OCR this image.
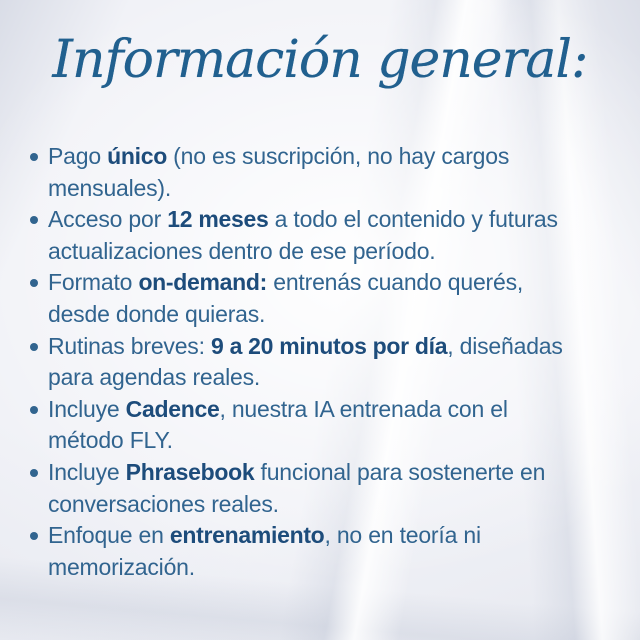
Información general:
Pago único (no es suscripción, no hay cargos
mensuales).
Acceso por 12 meses a todo el contenido y futuras
actualizaciones dentro de ese período.
Formato on-demand: entrenás cuando querés,
desde donde quieras.
Rutinas breves: 9 a 20 minutos por día, diseñadas
para agendas reales.
Incluye Cadence, nuestra IA entrenada con el
método FLY.
Incluye Phrasebook funcional para sostenerte en
conversaciones reales.
Enfoque en entrenamiento, no en teoría ni
memorización.
